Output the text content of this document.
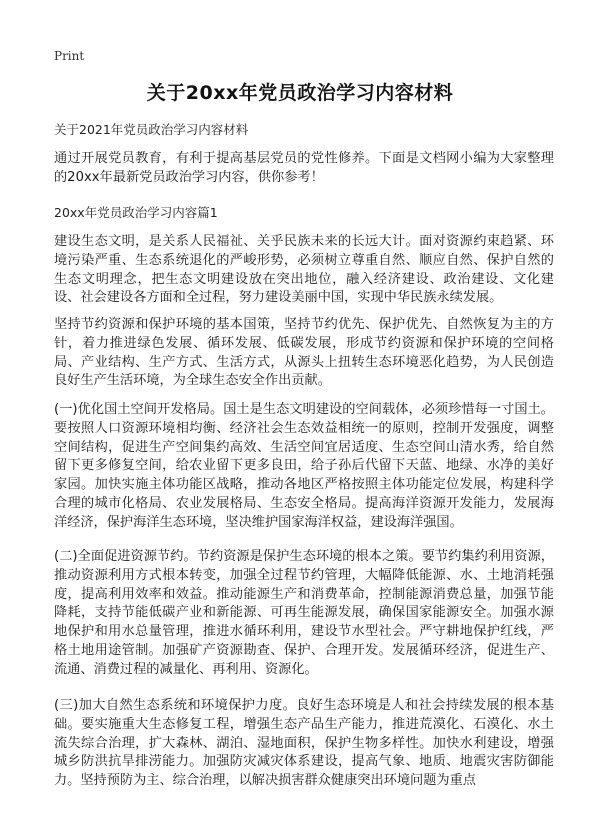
Print
关于20xx年党员政治学习内容材料
关于2021年党员政治学习内容材料

通过开展党员教育，有利于提高基层党员的党性修养。下面是文档网小编为大家整理的20xx年最新党员政治学习内容，供你参考！

20xx年党员政治学习内容篇1

建设生态文明，是关系人民福祉、关乎民族未来的长远大计。面对资源约束趋紧、环境污染严重、生态系统退化的严峻形势，必须树立尊重自然、顺应自然、保护自然的生态文明理念，把生态文明建设放在突出地位，融入经济建设、政治建设、文化建设、社会建设各方面和全过程，努力建设美丽中国，实现中华民族永续发展。

坚持节约资源和保护环境的基本国策，坚持节约优先、保护优先、自然恢复为主的方针，着力推进绿色发展、循环发展、低碳发展，形成节约资源和保护环境的空间格局、产业结构、生产方式、生活方式，从源头上扭转生态环境恶化趋势，为人民创造良好生产生活环境，为全球生态安全作出贡献。

(一)优化国土空间开发格局。国土是生态文明建设的空间载体，必须珍惜每一寸国土。要按照人口资源环境相均衡、经济社会生态效益相统一的原则，控制开发强度，调整空间结构，促进生产空间集约高效、生活空间宜居适度、生态空间山清水秀，给自然留下更多修复空间，给农业留下更多良田，给子孙后代留下天蓝、地绿、水净的美好家园。加快实施主体功能区战略，推动各地区严格按照主体功能定位发展，构建科学合理的城市化格局、农业发展格局、生态安全格局。提高海洋资源开发能力，发展海洋经济，保护海洋生态环境，坚决维护国家海洋权益，建设海洋强国。

(二)全面促进资源节约。节约资源是保护生态环境的根本之策。要节约集约利用资源，推动资源利用方式根本转变，加强全过程节约管理，大幅降低能源、水、土地消耗强度，提高利用效率和效益。推动能源生产和消费革命，控制能源消费总量，加强节能降耗，支持节能低碳产业和新能源、可再生能源发展，确保国家能源安全。加强水源地保护和用水总量管理，推进水循环利用，建设节水型社会。严守耕地保护红线，严格土地用途管制。加强矿产资源勘查、保护、合理开发。发展循环经济，促进生产、流通、消费过程的减量化、再利用、资源化。

(三)加大自然生态系统和环境保护力度。良好生态环境是人和社会持续发展的根本基础。要实施重大生态修复工程，增强生态产品生产能力，推进荒漠化、石漠化、水土流失综合治理，扩大森林、湖泊、湿地面积，保护生物多样性。加快水利建设，增强城乡防洪抗旱排涝能力。加强防灾减灾体系建设，提高气象、地质、地震灾害防御能力。坚持预防为主、综合治理，以解决损害群众健康突出环境问题为重点
